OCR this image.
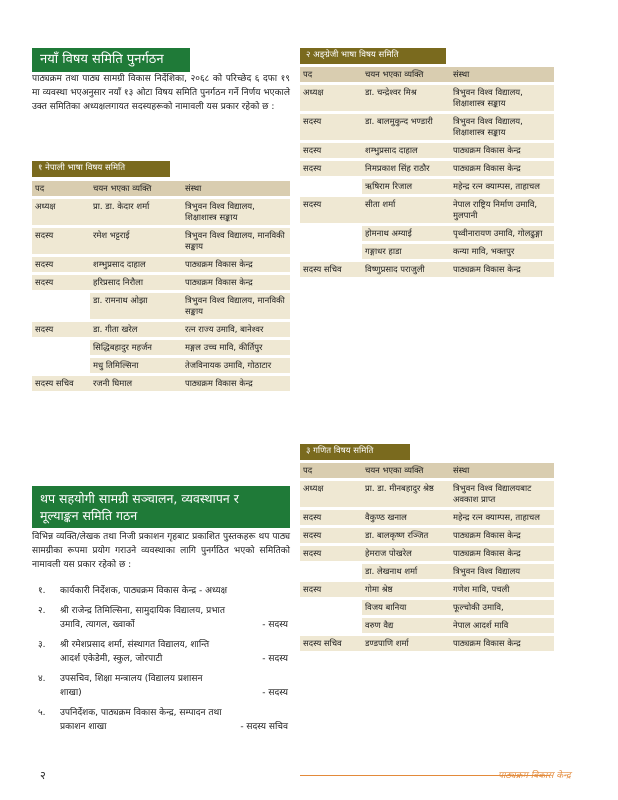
नयाँ विषय समिति पुनर्गठन
पाठ्यक्रम तथा पाठ्य सामग्री विकास निर्देशिका, २०६८ को परिच्छेद ६ दफा १९ मा व्यवस्था भएअनुसार नयाँ १३ ओटा विषय समिति पुनर्गठन गर्ने निर्णय भएकाले उक्त समितिका अध्यक्षलगायत सदस्यहरूको नामावली यस प्रकार रहेको छ :
१ नेपाली भाषा विषय समिति
पद	चयन भएका व्यक्ति	संस्था
अध्यक्ष	प्रा. डा. केदार शर्मा	त्रिभुवन विश्व विद्यालय, शिक्षाशास्त्र सङ्काय
सदस्य	रमेश भट्टराई	त्रिभुवन विश्व विद्यालय, मानविकी सङ्काय
सदस्य	शम्भुप्रसाद दाहाल	पाठ्यक्रम विकास केन्द्र
सदस्य	हरिप्रसाद निरौला	पाठ्यक्रम विकास केन्द्र
	डा. रामनाथ ओझा	त्रिभुवन विश्व विद्यालय, मानविकी सङ्काय
सदस्य	डा. गीता खरेल	रत्न राज्य उमावि, बानेश्वर
	सिद्धिबहादुर महर्जन	मङ्गल उच्च मावि, कीर्तिपुर
	मधु तिमिल्सिना	तेजविनायक उमावि, गोठाटार
सदस्य सचिव	रजनी घिमाल	पाठ्यक्रम विकास केन्द्र
थप सहयोगी सामग्री सञ्चालन, व्यवस्थापन र
मूल्याङ्कन समिति गठन
विभिन्न व्यक्ति/लेखक तथा निजी प्रकाशन गृहबाट प्रकाशित पुस्तकहरू थप पाठ्य सामग्रीका रूपमा प्रयोग गराउने व्यवस्थाका लागि पुनर्गठित भएको समितिको नामावली यस प्रकार रहेको छ :
१. कार्यकारी निर्देशक, पाठ्यक्रम विकास केन्द्र - अध्यक्ष
२. श्री राजेन्द्र तिमिल्सिना, सामुदायिक विद्यालय, प्रभात उमावि, त्यागल, ख्वार्को	- सदस्य
३. श्री रमेशप्रसाद शर्मा, संस्थागत विद्यालय, शान्ति आदर्श एकेडेमी, स्कुल, जोरपाटी	- सदस्य
४. उपसचिव, शिक्षा मन्त्रालय (विद्यालय प्रशासन शाखा)	- सदस्य
५. उपनिर्देशक, पाठ्यक्रम विकास केन्द्र, सम्पादन तथा प्रकाशन शाखा	- सदस्य सचिव
२
२ अङ्ग्रेजी भाषा विषय समिति
पद	चयन भएका व्यक्ति	संस्था
अध्यक्ष	डा. चन्द्रेश्वर मिश्र	त्रिभुवन विश्व विद्यालय, शिक्षाशास्त्र सङ्काय
सदस्य	डा. बालमुकुन्द भण्डारी	त्रिभुवन विश्व विद्यालय, शिक्षाशास्त्र सङ्काय
सदस्य	शम्भुप्रसाद दाहाल	पाठ्यक्रम विकास केन्द्र
सदस्य	निमप्रकाश सिंह राठौर	पाठ्यक्रम विकास केन्द्र
	ऋषिराम रिजाल	महेन्द्र रत्न क्याम्पस, ताहाचल
सदस्य	सीता शर्मा	नेपाल राष्ट्रिय निर्माण उमावि, मुलपानी
	होमनाथ अम्याई	पृथ्वीनारायण उमावि, गोलढुङ्गा
	गङ्गाधर हाडा	कन्या मावि, भक्तपुर
सदस्य सचिव	विष्णुप्रसाद पराजुली	पाठ्यक्रम विकास केन्द्र
३ गणित विषय समिति
पद	चयन भएका व्यक्ति	संस्था
अध्यक्ष	प्रा. डा. मीनबहादुर श्रेष्ठ	त्रिभुवन विश्व विद्यालयबाट अवकाश प्राप्त
सदस्य	वैकुण्ठ खनाल	महेन्द्र रत्न क्याम्पस, ताहाचल
सदस्य	डा. बालकृष्ण रञ्जित	पाठ्यक्रम विकास केन्द्र
सदस्य	हेमराज पोखरेल	पाठ्यक्रम विकास केन्द्र
	डा. लेखनाथ शर्मा	त्रिभुवन विश्व विद्यालय
सदस्य	गोमा श्रेष्ठ	गणेश मावि, पचली
	विजय बानिया	फूल्चोकी उमावि,
	वरुण वैद्य	नेपाल आदर्श मावि
सदस्य सचिव	डण्डपाणि शर्मा	पाठ्यक्रम विकास केन्द्र
पाठ्यक्रम विकास केन्द्र
